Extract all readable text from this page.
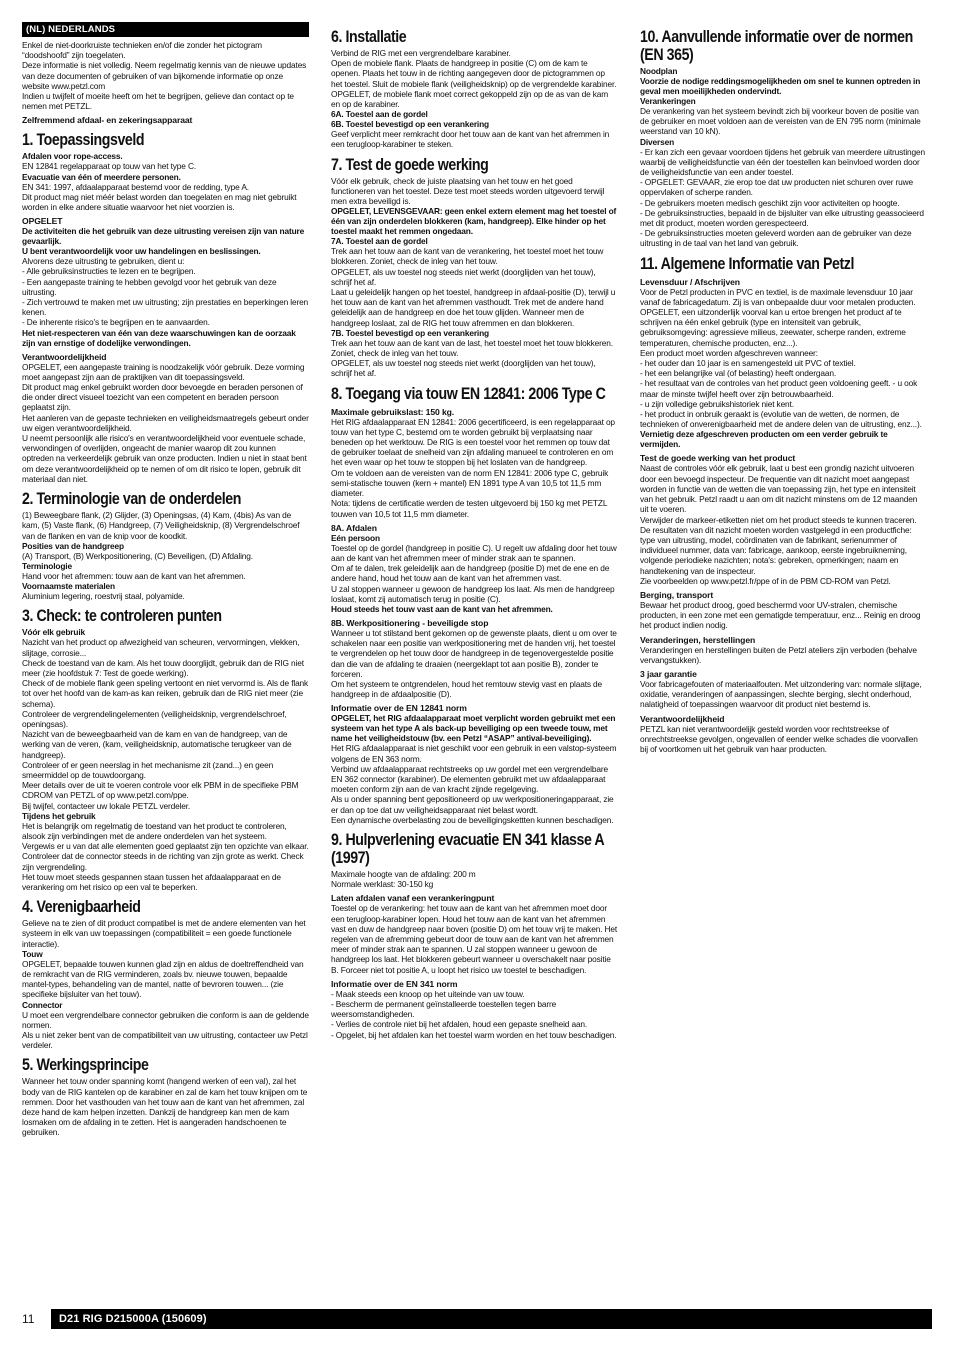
(NL) NEDERLANDS

Enkel de niet-doorkruiste technieken en/of die zonder het pictogram “doodshoofd” zijn toegelaten.

Deze informatie is niet volledig. Neem regelmatig kennis van de nieuwe updates van deze documenten of gebruiken of van bijkomende informatie op onze website www.petzl.com

Indien u twijfelt of moeite heeft om het te begrijpen, gelieve dan contact op te nemen met PETZL.

Zelfremmend afdaal- en zekeringsapparaat
1. Toepassingsveld

Afdalen voor rope-access.

EN 12841 regelapparaat op touw van het type C.

Evacuatie van één of meerdere personen.

EN 341: 1997, afdaalapparaat bestemd voor de redding, type A.

Dit product mag niet méér belast worden dan toegelaten en mag niet gebruikt worden in elke andere situatie waarvoor het niet voorzien is.

OPGELET

De activiteiten die het gebruik van deze uitrusting vereisen zijn van nature gevaarlijk.

U bent verantwoordelijk voor uw handelingen en beslissingen.

Alvorens deze uitrusting te gebruiken, dient u:

- Alle gebruiksinstructies te lezen en te begrijpen.

- Een aangepaste training te hebben gevolgd voor het gebruik van deze uitrusting.

- Zich vertrouwd te maken met uw uitrusting; zijn prestaties en beperkingen leren kenen.

- De inherente risico's te begrijpen en te aanvaarden.

Het niet-respecteren van één van deze waarschuwingen kan de oorzaak zijn van ernstige of dodelijke verwondingen.

Verantwoordelijkheid

OPGELET, een aangepaste training is noodzakelijk vóór gebruik. Deze vorming moet aangepast zijn aan de praktijken van dit toepassingsveld.

Dit product mag enkel gebruikt worden door bevoegde en beraden personen of die onder direct visueel toezicht van een competent en beraden persoon geplaatst zijn.

Het aanleren van de gepaste technieken en veiligheidsmaatregels gebeurt onder uw eigen verantwoordelijkheid.

U neemt persoonlijk alle risico's en verantwoordelijkheid voor eventuele schade, verwondingen of overlijden, ongeacht de manier waarop dit zou kunnen optreden na verkeerdelijk gebruik van onze producten. Indien u niet in staat bent om deze verantwoordelijkheid op te nemen of om dit risico te lopen, gebruik dit materiaal dan niet.

2. Terminologie van de onderdelen

(1) Beweegbare flank, (2) Glijder, (3) Openingsas, (4) Kam, (4bis) As van de kam, (5) Vaste flank, (6) Handgreep, (7) Veiligheidsknip, (8) Vergrendelschroef van de flanken en van de knip voor de koodkit.

Posities van de handgreep

(A) Transport, (B) Werkpositionering, (C) Beveiligen, (D) Afdaling.

Terminologie

Hand voor het afremmen: touw aan de kant van het afremmen.

Voornaamste materialen

Aluminium legering, roestvrij staal, polyamide.

3. Check: te controleren punten

Vóór elk gebruik

Nazicht van het product op afwezigheid van scheuren, vervormingen, vlekken, slijtage, corrosie...

Check de toestand van de kam. Als het touw doorglijdt, gebruik dan de RIG niet meer (zie hoofdstuk 7: Test de goede werking).

Check of de mobiele flank geen speling vertoont en niet vervormd is. Als de flank tot over het hoofd van de kam-as kan reiken, gebruik dan de RIG niet meer (zie schema).

Controleer de vergrendelingelementen (veiligheidsknip, vergrendelschroef, openingsas).

Nazicht van de beweegbaarheid van de kam en van de handgreep, van de werking van de veren, (kam, veiligheidsknip, automatische terugkeer van de handgreep).

Controleer of er geen neerslag in het mechanisme zit (zand...) en geen smeermiddel op de touwdoorgang.

Meer details over de uit te voeren controle voor elk PBM in de specifieke PBM CDROM van PETZL of op www.petzl.com/ppe.

Bij twijfel, contacteer uw lokale PETZL verdeler.

Tijdens het gebruik

Het is belangrijk om regelmatig de toestand van het product te controleren, alsook zijn verbindingen met de andere onderdelen van het systeem.

Vergewis er u van dat alle elementen goed geplaatst zijn ten opzichte van elkaar.

Controleer dat de connector steeds in de richting van zijn grote as werkt. Check zijn vergrendeling.

Het touw moet steeds gespannen staan tussen het afdaalapparaat en de verankering om het risico op een val te beperken.

4. Verenigbaarheid

Gelieve na te zien of dit product compatibel is met de andere elementen van het systeem in elk van uw toepassingen (compatibiliteit = een goede functionele interactie).

Touw

OPGELET, bepaalde touwen kunnen glad zijn en aldus de doeltreffendheid van de remkracht van de RIG verminderen, zoals bv. nieuwe touwen, bepaalde mantel-types, behandeling van de mantel, natte of bevroren touwen... (zie specifieke bijsluiter van het touw).

Connector

U moet een vergrendelbare connector gebruiken die conform is aan de geldende normen.

Als u niet zeker bent van de compatibiliteit van uw uitrusting, contacteer uw Petzl verdeler.

5. Werkingsprincipe

Wanneer het touw onder spanning komt (hangend werken of een val), zal het body van de RIG kantelen op de karabiner en zal de kam het touw knijpen om te remmen. Door het vasthouden van het touw aan de kant van het afremmen, zal deze hand de kam helpen inzetten. Dankzij de handgreep kan men de kam losmaken om de afdaling in te zetten. Het is aangeraden handschoenen te gebruiken.

6. Installatie

Verbind de RIG met een vergrendelbare karabiner.

Open de mobiele flank. Plaats de handgreep in positie (C) om de kam te openen. Plaats het touw in de richting aangegeven door de pictogrammen op het toestel. Sluit de mobiele flank (veiligheidsknip) op de vergrendelde karabiner.

OPGELET, de mobiele flank moet correct gekoppeld zijn op de as van de kam en op de karabiner.

6A. Toestel aan de gordel

6B. Toestel bevestigd op een verankering

Geef verplicht meer remkracht door het touw aan de kant van het afremmen in een terugloop-karabiner te steken.

7. Test de goede werking

Vóór elk gebruik, check de juiste plaatsing van het touw en het goed functioneren van het toestel. Deze test moet steeds worden uitgevoerd terwijl men extra beveiligd is.

OPGELET, LEVENSGEVAAR: geen enkel extern element mag het toestel of één van zijn onderdelen blokkeren (kam, handgreep). Elke hinder op het toestel maakt het remmen ongedaan.

7A. Toestel aan de gordel

Trek aan het touw aan de kant van de verankering, het toestel moet het touw blokkeren. Zoniet, check de inleg van het touw.

OPGELET, als uw toestel nog steeds niet werkt (doorglijden van het touw), schrijf het af.

Laat u geleidelijk hangen op het toestel, handgreep in afdaal-positie (D), terwijl u het touw aan de kant van het afremmen vasthoudt. Trek met de andere hand geleidelijk aan de handgreep en doe het touw glijden. Wanneer men de handgreep loslaat, zal de RIG het touw afremmen en dan blokkeren.

7B. Toestel bevestigd op een verankering

Trek aan het touw aan de kant van de last, het toestel moet het touw blokkeren. Zoniet, check de inleg van het touw.

OPGELET, als uw toestel nog steeds niet werkt (doorglijden van het touw), schrijf het af.

8. Toegang via touw EN 12841: 2006 Type C
Maximale gebruikslast: 150 kg.

Het RIG afdaalapparaat EN 12841: 2006 gecertificeerd, is een regelapparaat op touw van het type C, bestemd om te worden gebruikt bij verplaatsing naar beneden op het werktouw. De RIG is een toestel voor het remmen op touw dat de gebruiker toelaat de snelheid van zijn afdaling manueel te controleren en om het even waar op het touw te stoppen bij het loslaten van de handgreep.

Om te voldoen aan de vereisten van de norm EN 12841: 2006 type C, gebruik semi-statische touwen (kern + mantel) EN 1891 type A van 10,5 tot 11,5 mm diameter.

Nota: tijdens de certificatie werden de testen uitgevoerd bij 150 kg met PETZL touwen van 10,5 tot 11,5 mm diameter.

8A. Afdalen

Eén persoon

Toestel op de gordel (handgreep in positie C). U regelt uw afdaling door het touw aan de kant van het afremmen meer of minder strak aan te spannen.

Om af te dalen, trek geleidelijk aan de handgreep (positie D) met de ene en de andere hand, houd het touw aan de kant van het afremmen vast.

U zal stoppen wanneer u gewoon de handgreep los laat. Als men de handgreep loslaat, komt zij automatisch terug in positie (C).

Houd steeds het touw vast aan de kant van het afremmen.

8B. Werkpositionering - beveiligde stop

Wanneer u tot stilstand bent gekomen op de gewenste plaats, dient u om over te schakelen naar een positie van werkpositionering met de handen vrij, het toestel te vergrendelen op het touw door de handgreep in de tegenovergestelde positie dan die van de afdaling te draaien (neergeklapt tot aan positie B), zonder te forceren.

Om het systeem te ontgrendelen, houd het remtouw stevig vast en plaats de handgreep in de afdaalpositie (D).

Informatie over de EN 12841 norm

OPGELET, het RIG afdaalapparaat moet verplicht worden gebruikt met een systeem van het type A als back-up beveiliging op een tweede touw, met name het veiligheidstouw (bv. een Petzl “ASAP” antival-beveiliging).

Het RIG afdaalapparaat is niet geschikt voor een gebruik in een valstop-systeem volgens de EN 363 norm.

Verbind uw afdaalapparaat rechtstreeks op uw gordel met een vergrendelbare EN 362 connector (karabiner). De elementen gebruikt met uw afdaalapparaat moeten conform zijn aan de van kracht zijnde regelgeving.

Als u onder spanning bent gepositioneerd op uw werkpositioneringapparaat, zie er dan op toe dat uw veiligheidsapparaat niet belast wordt.

Een dynamische overbelasting zou de beveiligingskettten kunnen beschadigen.

9. Hulpverlening evacuatie EN 341 klasse A (1997)

Maximale hoogte van de afdaling: 200 m

Normale werklast: 30-150 kg

Laten afdalen vanaf een verankeringpunt

Toestel op de verankering: het touw aan de kant van het afremmen moet door een terugloop-karabiner lopen. Houd het touw aan de kant van het afremmen vast en duw de handgreep naar boven (positie D) om het touw vrij te maken. Het regelen van de afremming gebeurt door de touw aan de kant van het afremmen meer of minder strak aan te spannen. U zal stoppen wanneer u gewoon de handgreep los laat. Het blokkeren gebeurt wanneer u overschakelt naar positie B. Forceer niet tot positie A, u loopt het risico uw toestel te beschadigen.

Informatie over de EN 341 norm

- Maak steeds een knoop op het uiteinde van uw touw.

- Bescherm de permanent geïnstalleerde toestellen tegen barre weersomstandigheden.

- Verlies de controle niet bij het afdalen, houd een gepaste snelheid aan.

- Opgelet, bij het afdalen kan het toestel warm worden en het touw beschadigen.

10. Aanvullende informatie over de normen (EN 365)

Noodplan

Voorzie de nodige reddingsmogelijkheden om snel te kunnen optreden in geval men moeilijkheden ondervindt.

Verankeringen

De verankering van het systeem bevindt zich bij voorkeur boven de positie van de gebruiker en moet voldoen aan de vereisten van de EN 795 norm (minimale weerstand van 10 kN).

Diversen

- Er kan zich een gevaar voordoen tijdens het gebruik van meerdere uitrustingen waarbij de veiligheidsfunctie van één der toestellen kan beïnvloed worden door de veiligheidsfunctie van een ander toestel.

- OPGELET: GEVAAR, zie erop toe dat uw producten niet schuren over ruwe oppervlaken of scherpe randen.

- De gebruikers moeten medisch geschikt zijn voor activiteiten op hoogte.

- De gebruiksinstructies, bepaald in de bijsluiter van elke uitrusting geassocieerd met dit product, moeten worden gerespecteerd.

- De gebruiksinstructies moeten geleverd worden aan de gebruiker van deze uitrusting in de taal van het land van gebruik.

11. Algemene Informatie van Petzl
Levensduur / Afschrijven

Voor de Petzl producten in PVC en textiel, is de maximale levensduur 10 jaar vanaf de fabricagedatum. Zij is van onbepaalde duur voor metalen producten.

OPGELET, een uitzonderlijk voorval kan u ertoe brengen het product af te schrijven na één enkel gebruik (type en intensiteit van gebruik, gebruiksomgeving: agressieve milieus, zeewater, scherpe randen, extreme temperaturen, chemische producten, enz...).

Een product moet worden afgeschreven wanneer:

- het ouder dan 10 jaar is en samengesteld uit PVC of textiel.

- het een belangrijke val (of belasting) heeft ondergaan.

- het resultaat van de controles van het product geen voldoening geeft. - u ook maar de minste twijfel heeft over zijn betrouwbaarheid.

- u zijn volledige gebruikshistoriek niet kent.

- het product in onbruik geraakt is (evolutie van de wetten, de normen, de technieken of onverenigbaarheid met de andere delen van de uitrusting, enz...).

Vernietig deze afgeschreven producten om een verder gebruik te vermijden.

Test de goede werking van het product

Naast de controles vóór elk gebruik, laat u best een grondig nazicht uitvoeren door een bevoegd inspecteur. De frequentie van dit nazicht moet aangepast worden in functie van de wetten die van toepassing zijn, het type en intensiteit van het gebruik. Petzl raadt u aan om dit nazicht minstens om de 12 maanden uit te voeren.

Verwijder de markeer-etiketten niet om het product steeds te kunnen traceren.

De resultaten van dit nazicht moeten worden vastgelegd in een productfiche: type van uitrusting, model, coördinaten van de fabrikant, serienummer of individueel nummer, data van: fabricage, aankoop, eerste ingebruikneming, volgende periodieke nazichten; nota's: gebreken, opmerkingen; naam en handtekening van de inspecteur.

Zie voorbeelden op www.petzl.fr/ppe of in de PBM CD-ROM van Petzl.

Berging, transport

Bewaar het product droog, goed beschermd voor UV-stralen, chemische producten, in een zone met een gematigde temperatuur, enz... Reinig en droog het product indien nodig.

Veranderingen, herstellingen

Veranderingen en herstellingen buiten de Petzl ateliers zijn verboden (behalve vervangstukken).

3 jaar garantie

Voor fabricagefouten of materiaalfouten. Met uitzondering van: normale slijtage, oxidatie, veranderingen of aanpassingen, slechte berging, slecht onderhoud, nalatigheid of toepassingen waarvoor dit product niet bestemd is.

Verantwoordelijkheid

PETZL kan niet verantwoordelijk gesteld worden voor rechtstreekse of onrechtstreekse gevolgen, ongevallen of eender welke schades die voorvallen bij of voortkomen uit het gebruik van haar producten.

11	D21 RIG D215000A (150609)
